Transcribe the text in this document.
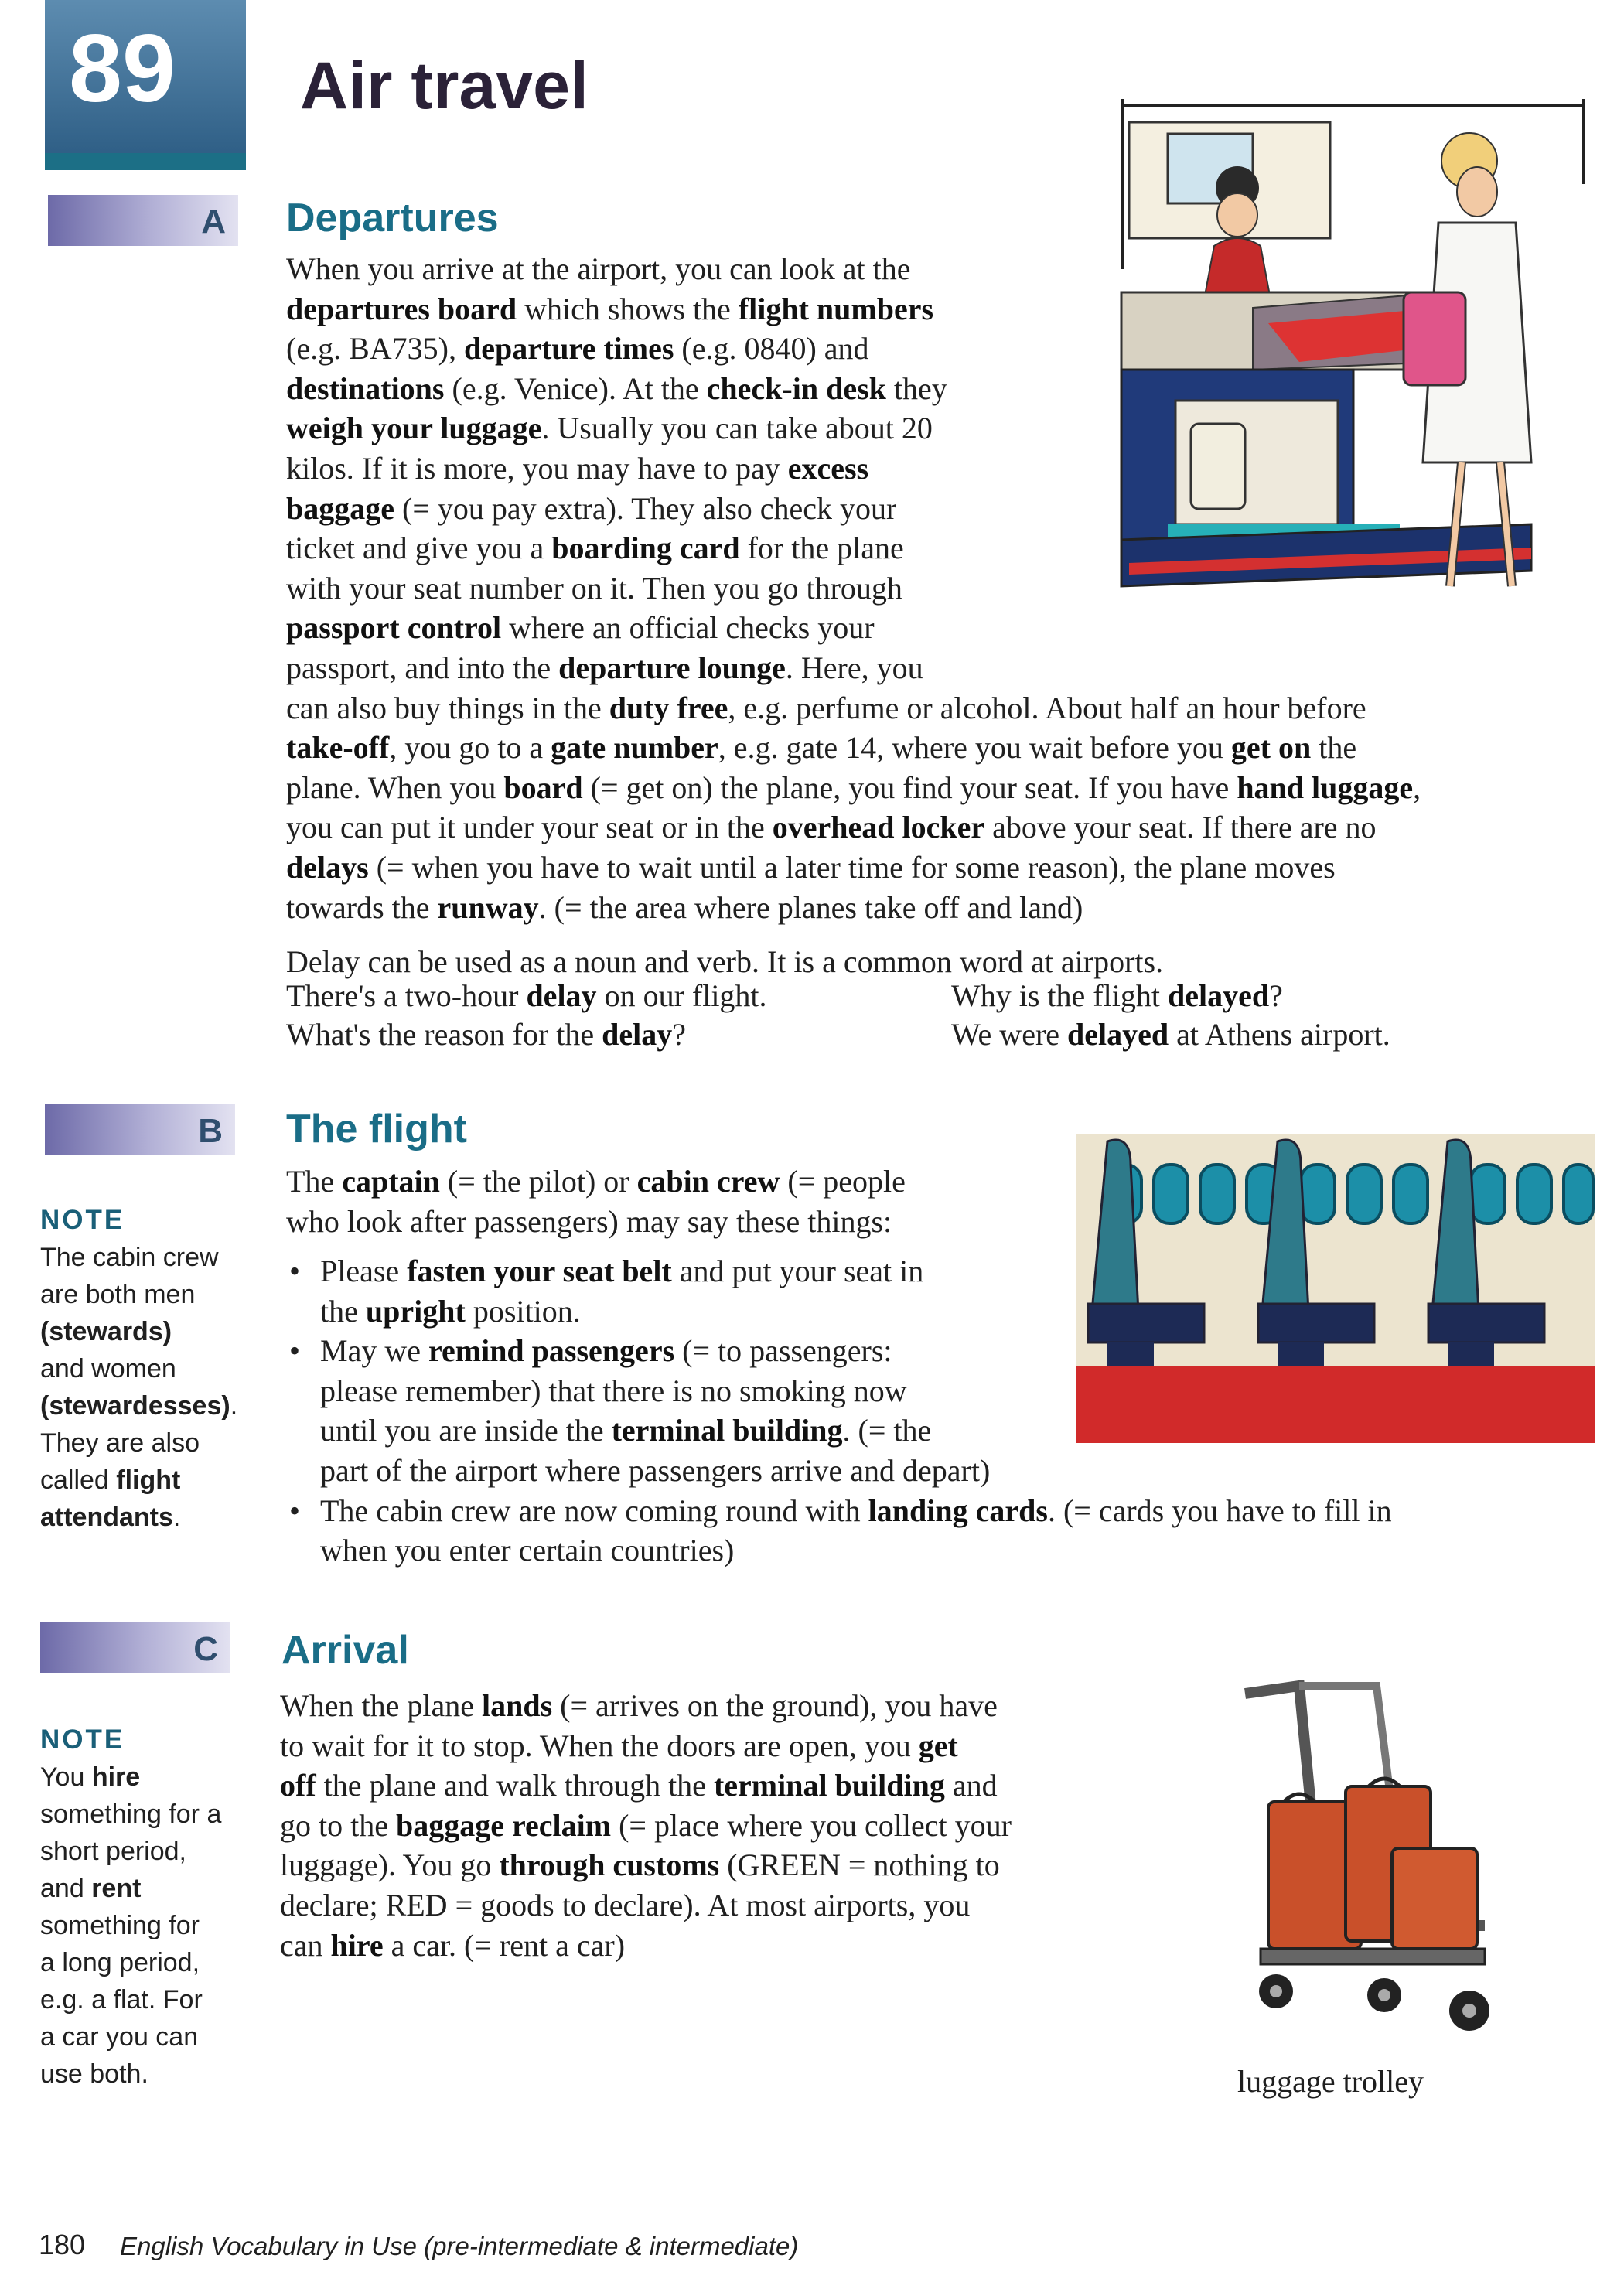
89	Air travel
A Departures
When you arrive at the airport, you can look at the
departures board which shows the flight numbers
(e.g. BA735), departure times (e.g. 0840) and
destinations (e.g. Venice). At the check-in desk they
weigh your luggage. Usually you can take about 20
kilos. If it is more, you may have to pay excess
baggage (= you pay extra). They also check your
ticket and give you a boarding card for the plane
with your seat number on it. Then you go through
passport control where an official checks your
passport, and into the departure lounge. Here, you
can also buy things in the duty free, e.g. perfume or alcohol. About half an hour before
take-off, you go to a gate number, e.g. gate 14, where you wait before you get on the
plane. When you board (= get on) the plane, you find your seat. If you have hand luggage,
you can put it under your seat or in the overhead locker above your seat. If there are no
delays (= when you have to wait until a later time for some reason), the plane moves
towards the runway. (= the area where planes take off and land)
Delay can be used as a noun and verb. It is a common word at airports.
There's a two-hour delay on our flight.	Why is the flight delayed?
What's the reason for the delay?	We were delayed at Athens airport.
B The flight
NOTE
The cabin crew
are both men
(stewards)
and women
(stewardesses).
They are also
called flight
attendants.
The captain (= the pilot) or cabin crew (= people
who look after passengers) may say these things:
• Please fasten your seat belt and put your seat in
the upright position.
• May we remind passengers (= to passengers:
please remember) that there is no smoking now
until you are inside the terminal building. (= the
part of the airport where passengers arrive and depart)
• The cabin crew are now coming round with landing cards. (= cards you have to fill in
when you enter certain countries)
C Arrival
NOTE
You hire
something for a
short period,
and rent
something for
a long period,
e.g. a flat. For
a car you can
use both.
When the plane lands (= arrives on the ground), you have
to wait for it to stop. When the doors are open, you get
off the plane and walk through the terminal building and
go to the baggage reclaim (= place where you collect your
luggage). You go through customs (GREEN = nothing to
declare; RED = goods to declare). At most airports, you
can hire a car. (= rent a car)
luggage trolley
180 English Vocabulary in Use (pre-intermediate & intermediate)
